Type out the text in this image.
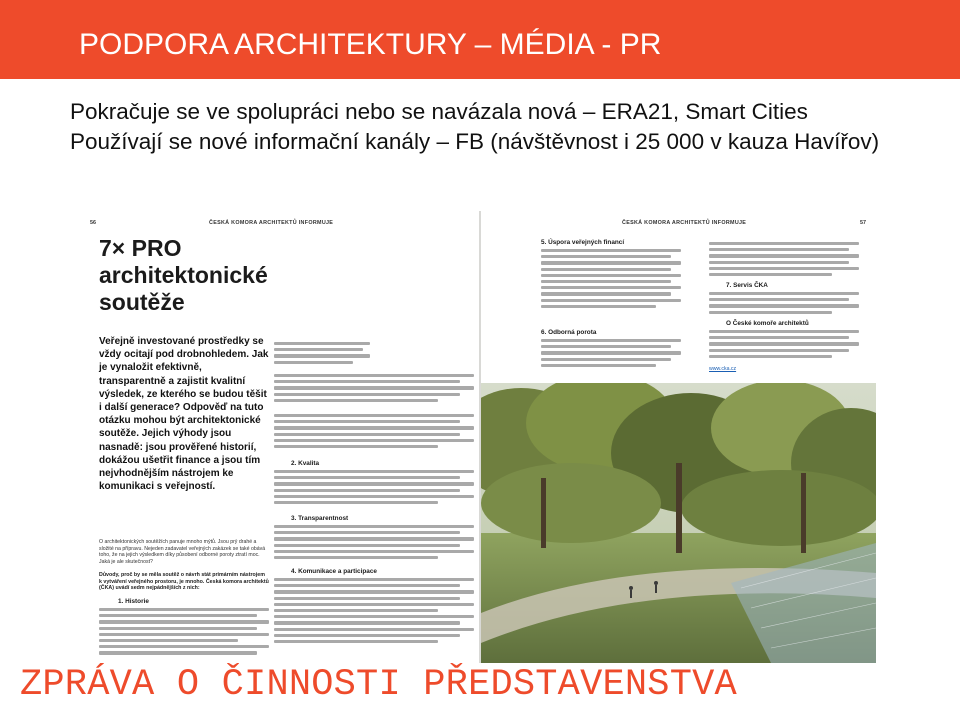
PODPORA ARCHITEKTURY – MÉDIA - PR
Pokračuje se ve spolupráci nebo se navázala nová – ERA21, Smart Cities
Používají se nové informační kanály – FB (návštěvnost i 25 000 v kauza Havířov)
56	ČESKÁ KOMORA ARCHITEKTŮ INFORMUJE
7× PRO
architektonické
soutěže
Veřejně investované prostředky se vždy ocitají pod drobnohledem. Jak je vynaložit efektivně, transparentně a zajistit kvalitní výsledek, ze kterého se budou těšit i další generace? Odpověď na tuto otázku mohou být architektonické soutěže. Jejich výhody jsou nasnadě: jsou prověřené historií, dokážou ušetřit finance a jsou tím nejvhodnějším nástrojem ke komunikaci s veřejností.
O architektonických soutěžích panuje mnoho mýtů. Jsou prý drahé a složité na přípravu. Nejeden zadavatel veřejných zakázek se také obává toho, že na jejich výsledkem díky působení odborné poroty ztratí moc. Jaká je ale skutečnost?
Důvody, proč by se měla soutěž o návrh stát primárním nástrojem k vytváření veřejného prostoru, je mnoho. Česká komora architektů (ČKA) uvádí sedm nejpádnějších z nich:
1. Historie
2. Kvalita
3. Transparentnost
4. Komunikace a participace
ČESKÁ KOMORA ARCHITEKTŮ INFORMUJE	57
5. Úspora veřejných financí
6. Odborná porota
7. Servis ČKA
O České komoře architektů
www.cka.cz
ZPRÁVA O ČINNOSTI PŘEDSTAVENSTVA
